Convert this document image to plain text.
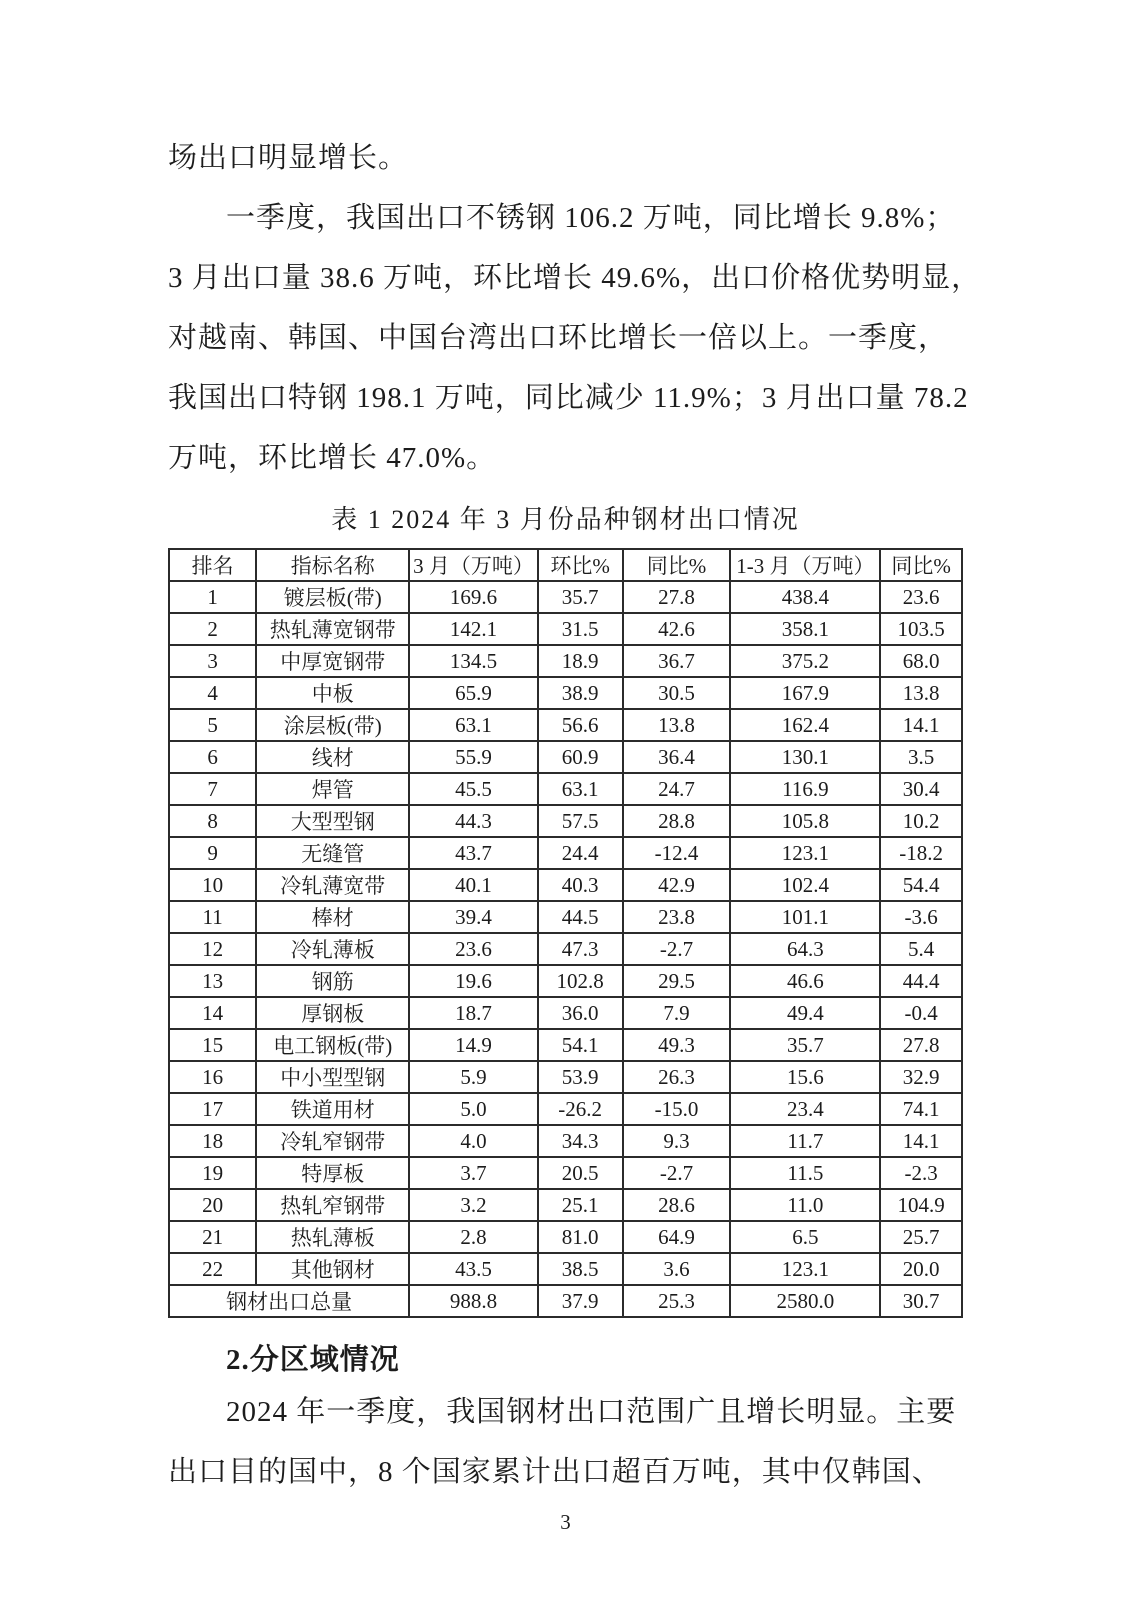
场出口明显增长。
一季度，我国出口不锈钢 106.2 万吨，同比增长 9.8%；
3 月出口量 38.6 万吨，环比增长 49.6%，出口价格优势明显，
对越南、韩国、中国台湾出口环比增长一倍以上。一季度，
我国出口特钢 198.1 万吨，同比减少 11.9%；3 月出口量 78.2
万吨，环比增长 47.0%。
表 1 2024 年 3 月份品种钢材出口情况
排名	指标名称	3 月（万吨）	环比%	同比%	1-3 月（万吨）	同比%
1	镀层板(带)	169.6	35.7	27.8	438.4	23.6
2	热轧薄宽钢带	142.1	31.5	42.6	358.1	103.5
3	中厚宽钢带	134.5	18.9	36.7	375.2	68.0
4	中板	65.9	38.9	30.5	167.9	13.8
5	涂层板(带)	63.1	56.6	13.8	162.4	14.1
6	线材	55.9	60.9	36.4	130.1	3.5
7	焊管	45.5	63.1	24.7	116.9	30.4
8	大型型钢	44.3	57.5	28.8	105.8	10.2
9	无缝管	43.7	24.4	-12.4	123.1	-18.2
10	冷轧薄宽带	40.1	40.3	42.9	102.4	54.4
11	棒材	39.4	44.5	23.8	101.1	-3.6
12	冷轧薄板	23.6	47.3	-2.7	64.3	5.4
13	钢筋	19.6	102.8	29.5	46.6	44.4
14	厚钢板	18.7	36.0	7.9	49.4	-0.4
15	电工钢板(带)	14.9	54.1	49.3	35.7	27.8
16	中小型型钢	5.9	53.9	26.3	15.6	32.9
17	铁道用材	5.0	-26.2	-15.0	23.4	74.1
18	冷轧窄钢带	4.0	34.3	9.3	11.7	14.1
19	特厚板	3.7	20.5	-2.7	11.5	-2.3
20	热轧窄钢带	3.2	25.1	28.6	11.0	104.9
21	热轧薄板	2.8	81.0	64.9	6.5	25.7
22	其他钢材	43.5	38.5	3.6	123.1	20.0
钢材出口总量		988.8	37.9	25.3	2580.0	30.7
2.分区域情况
2024 年一季度，我国钢材出口范围广且增长明显。主要
出口目的国中，8 个国家累计出口超百万吨，其中仅韩国、
3
